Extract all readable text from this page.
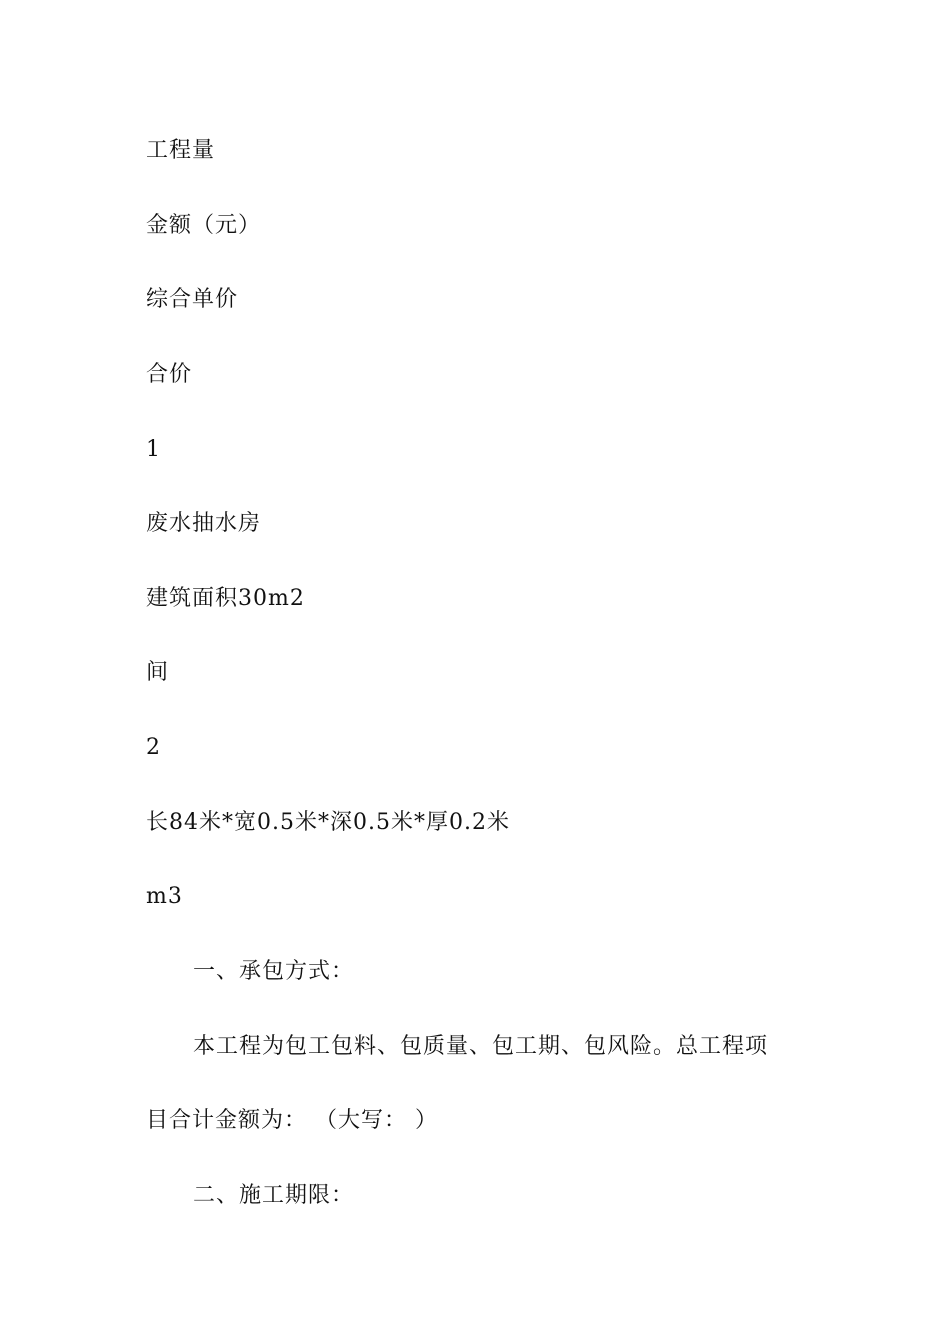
工程量
金额（元）
综合单价
合价
1
废水抽水房
建筑面积30m2
间
2
长84米*宽0.5米*深0.5米*厚0.2米
m3
一、承包方式：
本工程为包工包料、包质量、包工期、包风险。总工程项
目合计金额为： （大写： ）
二、施工期限：
